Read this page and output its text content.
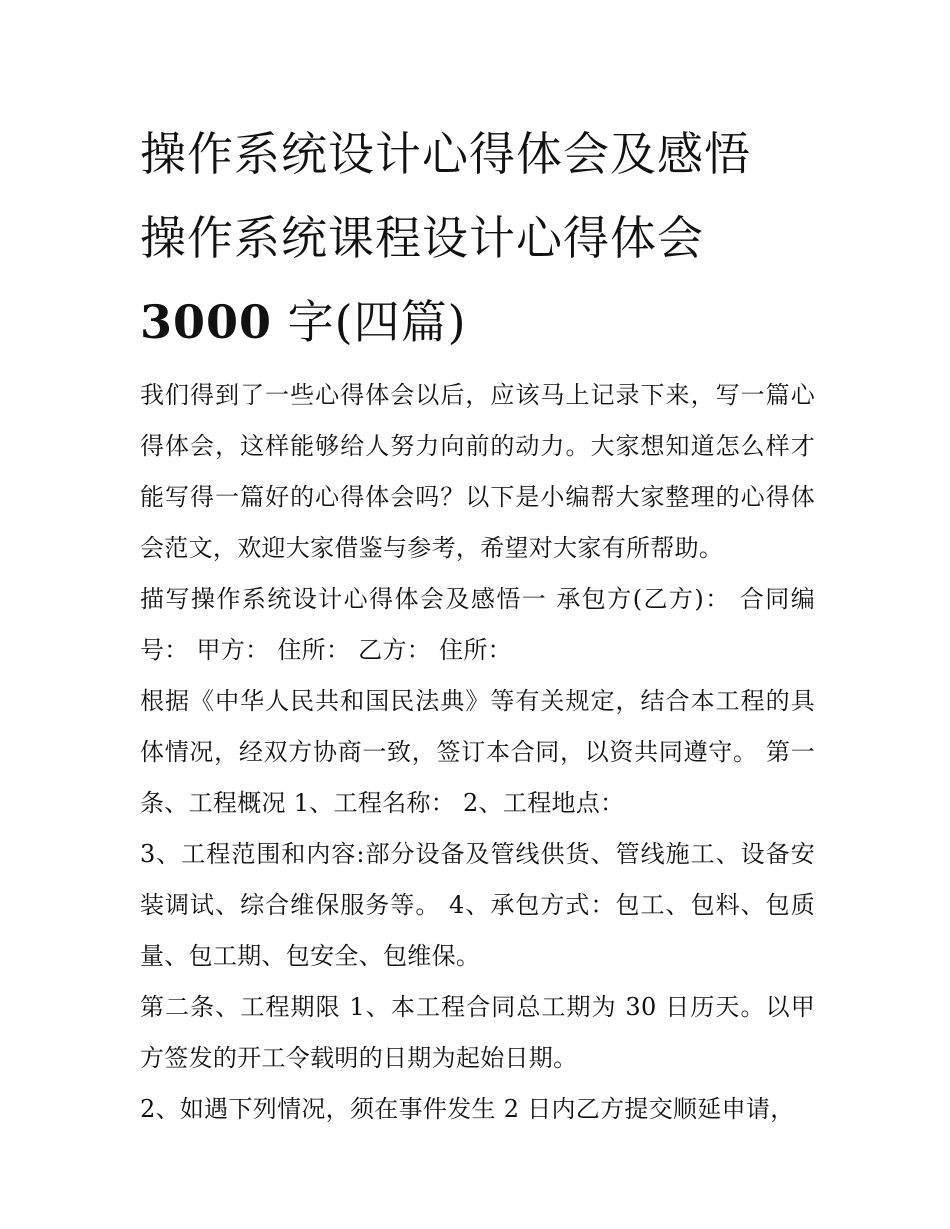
操作系统设计心得体会及感悟
操作系统课程设计心得体会
3000 字(四篇)

我们得到了一些心得体会以后，应该马上记录下来，写一篇心得体会，这样能够给人努力向前的动力。大家想知道怎么样才能写得一篇好的心得体会吗？以下是小编帮大家整理的心得体会范文，欢迎大家借鉴与参考，希望对大家有所帮助。

描写操作系统设计心得体会及感悟一 承包方(乙方)： 合同编号： 甲方： 住所： 乙方： 住所：

根据《中华人民共和国民法典》等有关规定，结合本工程的具体情况，经双方协商一致，签订本合同，以资共同遵守。 第一条、工程概况 1、工程名称： 2、工程地点：

3、工程范围和内容:部分设备及管线供货、管线施工、设备安装调试、综合维保服务等。 4、承包方式：包工、包料、包质量、包工期、包安全、包维保。

第二条、工程期限 1、本工程合同总工期为 30 日历天。以甲方签发的开工令载明的日期为起始日期。

2、如遇下列情况，须在事件发生 2 日内乙方提交顺延申请，
